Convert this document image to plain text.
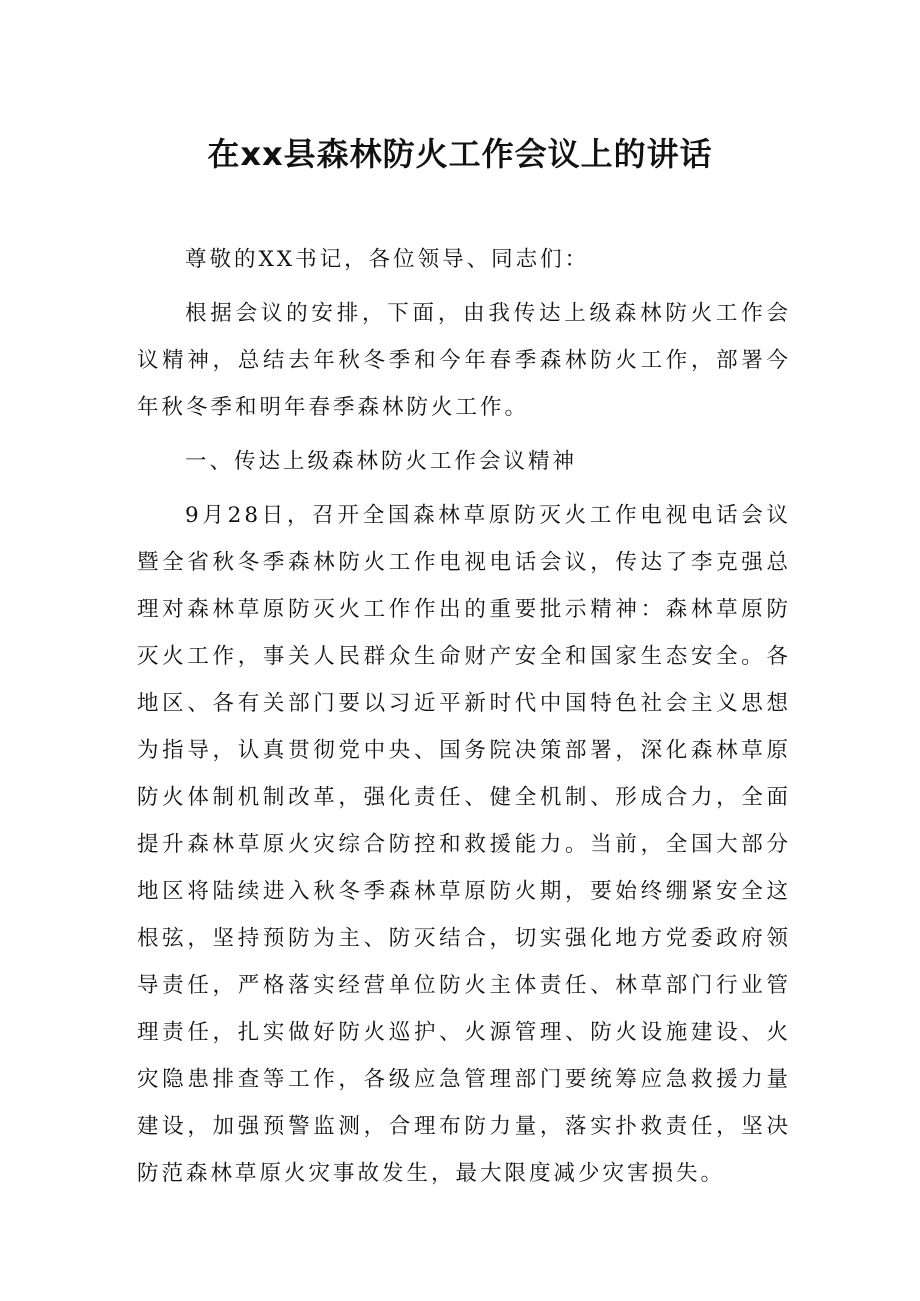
在xx县森林防火工作会议上的讲话

尊敬的XX书记，各位领导、同志们：

根据会议的安排，下面，由我传达上级森林防火工作会议精神，总结去年秋冬季和今年春季森林防火工作，部署今年秋冬季和明年春季森林防火工作。

一、传达上级森林防火工作会议精神

9月28日，召开全国森林草原防灭火工作电视电话会议暨全省秋冬季森林防火工作电视电话会议，传达了李克强总理对森林草原防灭火工作作出的重要批示精神：森林草原防灭火工作，事关人民群众生命财产安全和国家生态安全。各地区、各有关部门要以习近平新时代中国特色社会主义思想为指导，认真贯彻党中央、国务院决策部署，深化森林草原防火体制机制改革，强化责任、健全机制、形成合力，全面提升森林草原火灾综合防控和救援能力。当前，全国大部分地区将陆续进入秋冬季森林草原防火期，要始终绷紧安全这根弦，坚持预防为主、防灭结合，切实强化地方党委政府领导责任，严格落实经营单位防火主体责任、林草部门行业管理责任，扎实做好防火巡护、火源管理、防火设施建设、火灾隐患排查等工作，各级应急管理部门要统筹应急救援力量建设，加强预警监测，合理布防力量，落实扑救责任，坚决防范森林草原火灾事故发生，最大限度减少灾害损失。
